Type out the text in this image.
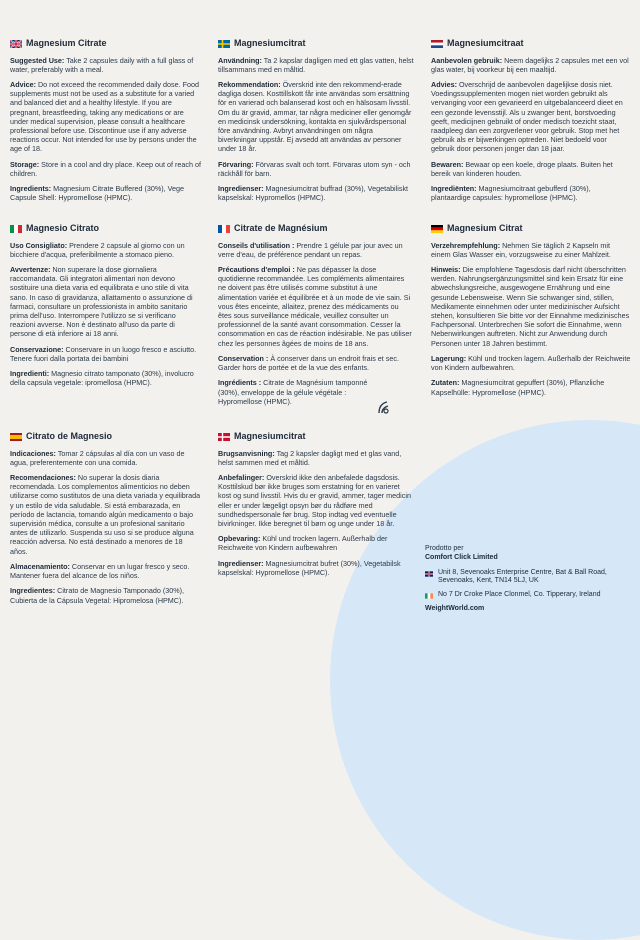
Magnesium Citrate

Suggested Use: Take 2 capsules daily with a full glass of water, preferably with a meal.

Advice: Do not exceed the recommended daily dose. Food supplements must not be used as a substitute for a varied and balanced diet and a healthy lifestyle. If you are pregnant, breastfeeding, taking any medications or are under medical supervision, please consult a healthcare professional before use. Discontinue use if any adverse reactions occur. Not intended for use by persons under the age of 18.

Storage: Store in a cool and dry place. Keep out of reach of children.

Ingredients: Magnesium Citrate Buffered (30%), Vege Capsule Shell: Hypromellose (HPMC).

Magnesiumcitrat

Användning: Ta 2 kapslar dagligen med ett glas vatten, helst tillsammans med en måltid.

Rekommendation: Överskrid inte den rekommend-erade dagliga dosen. Kosttillskott får inte användas som ersättning för en varierad och balanserad kost och en hälsosam livsstil. Om du är gravid, ammar, tar några mediciner eller genomgår en medicinsk undersökning, kontakta en sjukvårdspersonal före användning. Avbryt användningen om några biverkningar uppstår. Ej avsedd att användas av personer under 18 år.

Förvaring: Förvaras svalt och torrt. Förvaras utom syn - och räckhåll för barn.

Ingredienser: Magnesiumcitrat buffrad (30%), Vegetabiliskt kapselskal: Hypromellos (HPMC).

Magnesiumcitraat

Aanbevolen gebruik: Neem dagelijks 2 capsules met een vol glas water, bij voorkeur bij een maaltijd.

Advies: Overschrijd de aanbevolen dagelijkse dosis niet. Voedingssupplementen mogen niet worden gebruikt als vervanging voor een gevarieerd en uitgebalanceerd dieet en een gezonde levensstijl. Als u zwanger bent, borstvoeding geeft, medicijnen gebruikt of onder medisch toezicht staat, raadpleeg dan een zorgverlener voor gebruik. Stop met het gebruik als er bijwerkingen optreden. Niet bedoeld voor gebruik door personen jonger dan 18 jaar.

Bewaren: Bewaar op een koele, droge plaats. Buiten het bereik van kinderen houden.

Ingrediënten: Magnesiumcitraat gebufferd (30%), plantaardige capsules: hypromellose (HPMC).

Magnesio Citrato

Uso Consigliato: Prendere 2 capsule al giorno con un bicchiere d'acqua, preferibilmente a stomaco pieno.

Avvertenze: Non superare la dose giornaliera raccomandata. Gli integratori alimentari non devono sostituire una dieta varia ed equilibrata e uno stile di vita sano. In caso di gravidanza, allattamento o assunzione di farmaci, consultare un professionista in ambito sanitario prima dell'uso. Interrompere l'utilizzo se si verificano reazioni avverse. Non è destinato all'uso da parte di persone di età inferiore ai 18 anni.

Conservazione: Conservare in un luogo fresco e asciutto. Tenere fuori dalla portata dei bambini

Ingredienti: Magnesio citrato tamponato (30%), involucro della capsula vegetale: ipromellosa (HPMC).

Citrate de Magnésium

Conseils d'utilisation : Prendre 1 gélule par jour avec un verre d'eau, de préférence pendant un repas.

Précautions d'emploi : Ne pas dépasser la dose quotidienne recommandée. Les compléments alimentaires ne doivent pas être utilisés comme substitut à une alimentation variée et équilibrée et à un mode de vie sain. Si vous êtes enceinte, allaitez, prenez des médicaments ou êtes sous surveillance médicale, veuillez consulter un professionnel de la santé avant consommation. Cesser la consommation en cas de réaction indésirable. Ne pas utiliser chez les personnes âgées de moins de 18 ans.

Conservation : À conserver dans un endroit frais et sec. Garder hors de portée et de la vue des enfants.

Ingrédients : Citrate de Magnésium tamponné (30%), enveloppe de la gélule végétale : Hypromellose (HPMC).

Magnesium Citrat

Verzehrempfehlung: Nehmen Sie täglich 2 Kapseln mit einem Glas Wasser ein, vorzugsweise zu einer Mahlzeit.

Hinweis: Die empfohlene Tagesdosis darf nicht überschritten werden. Nahrungsergänzungsmittel sind kein Ersatz für eine abwechslungsreiche, ausgewogene Ernährung und eine gesunde Lebensweise. Wenn Sie schwanger sind, stillen, Medikamente einnehmen oder unter medizinischer Aufsicht stehen, konsultieren Sie bitte vor der Einnahme medizinisches Fachpersonal. Unterbrechen Sie sofort die Einnahme, wenn Nebenwirkungen auftreten. Nicht zur Anwendung durch Personen unter 18 Jahren bestimmt.

Lagerung: Kühl und trocken lagern. Außerhalb der Reichweite von Kindern aufbewahren.

Zutaten: Magnesiumcitrat gepuffert (30%), Pflanzliche Kapselhülle: Hypromellose (HPMC).

Citrato de Magnesio

Indicaciones: Tomar 2 cápsulas al día con un vaso de agua, preferentemente con una comida.

Recomendaciones: No superar la dosis diaria recomendada. Los complementos alimenticios no deben utilizarse como sustitutos de una dieta variada y equilibrada y un estilo de vida saludable. Si está embarazada, en período de lactancia, tomando algún medicamento o bajo supervisión médica, consulte a un profesional sanitario antes de utilizarlo. Suspenda su uso si se produce alguna reacción adversa. No está destinado a menores de 18 años.

Almacenamiento: Conservar en un lugar fresco y seco. Mantener fuera del alcance de los niños.

Ingredientes: Citrato de Magnesio Tamponado (30%), Cubierta de la Cápsula Vegetal: Hipromelosa (HPMC).

Magnesiumcitrat

Brugsanvisning: Tag 2 kapsler dagligt med et glas vand, helst sammen med et måltid.

Anbefalinger: Overskrid ikke den anbefalede dagsdosis. Kosttilskud bør ikke bruges som erstatning for en varieret kost og sund livsstil. Hvis du er gravid, ammer, tager medicin eller er under lægeligt opsyn bør du rådføre med sundhedspersonale før brug. Stop indtag ved eventuelle bivirkninger. Ikke beregnet til børn og unge under 18 år.

Opbevaring: Kühl und trocken lagern. Außerhalb der Reichweite von Kindern aufbewahren

Ingredienser: Magnesiumcitrat bufret (30%), Vegetabilsk kapselskal: Hypromellose (HPMC).

Prodotto per
Comfort Click Limited
Unit 8, Sevenoaks Enterprise Centre, Bat & Ball Road, Sevenoaks, Kent, TN14 5LJ, UK
No 7 Dr Croke Place Clonmel, Co. Tipperary, Ireland
WeightWorld.com
